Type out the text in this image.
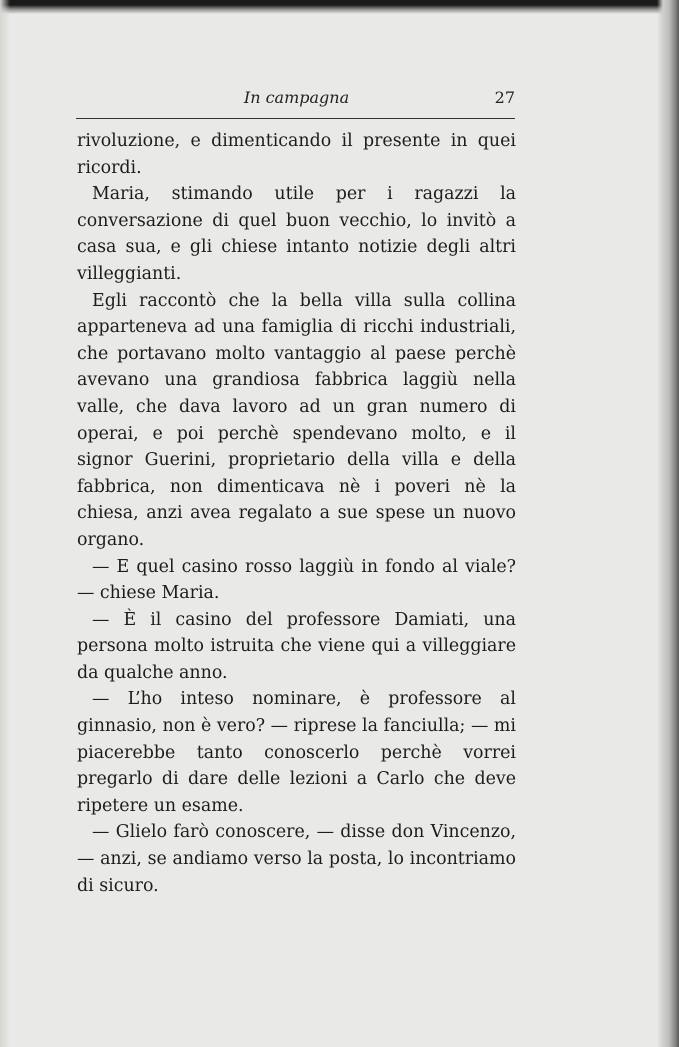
In campagna	27

rivoluzione, e dimenticando il presente in quei ricordi.

Maria, stimando utile per i ragazzi la conversazione di quel buon vecchio, lo invitò a casa sua, e gli chiese intanto notizie degli altri villeggianti.

Egli raccontò che la bella villa sulla collina apparteneva ad una famiglia di ricchi industriali, che portavano molto vantaggio al paese perchè avevano una grandiosa fabbrica laggiù nella valle, che dava lavoro ad un gran numero di operai, e poi perchè spendevano molto, e il signor Guerini, proprietario della villa e della fabbrica, non dimenticava nè i poveri nè la chiesa, anzi avea regalato a sue spese un nuovo organo.

— E quel casino rosso laggiù in fondo al viale? — chiese Maria.

— È il casino del professore Damiati, una persona molto istruita che viene qui a villeggiare da qualche anno.

— L’ho inteso nominare, è professore al ginnasio, non è vero? — riprese la fanciulla; — mi piacerebbe tanto conoscerlo perchè vorrei pregarlo di dare delle lezioni a Carlo che deve ripetere un esame.

— Glielo farò conoscere, — disse don Vincenzo, — anzi, se andiamo verso la posta, lo incontriamo di sicuro.
